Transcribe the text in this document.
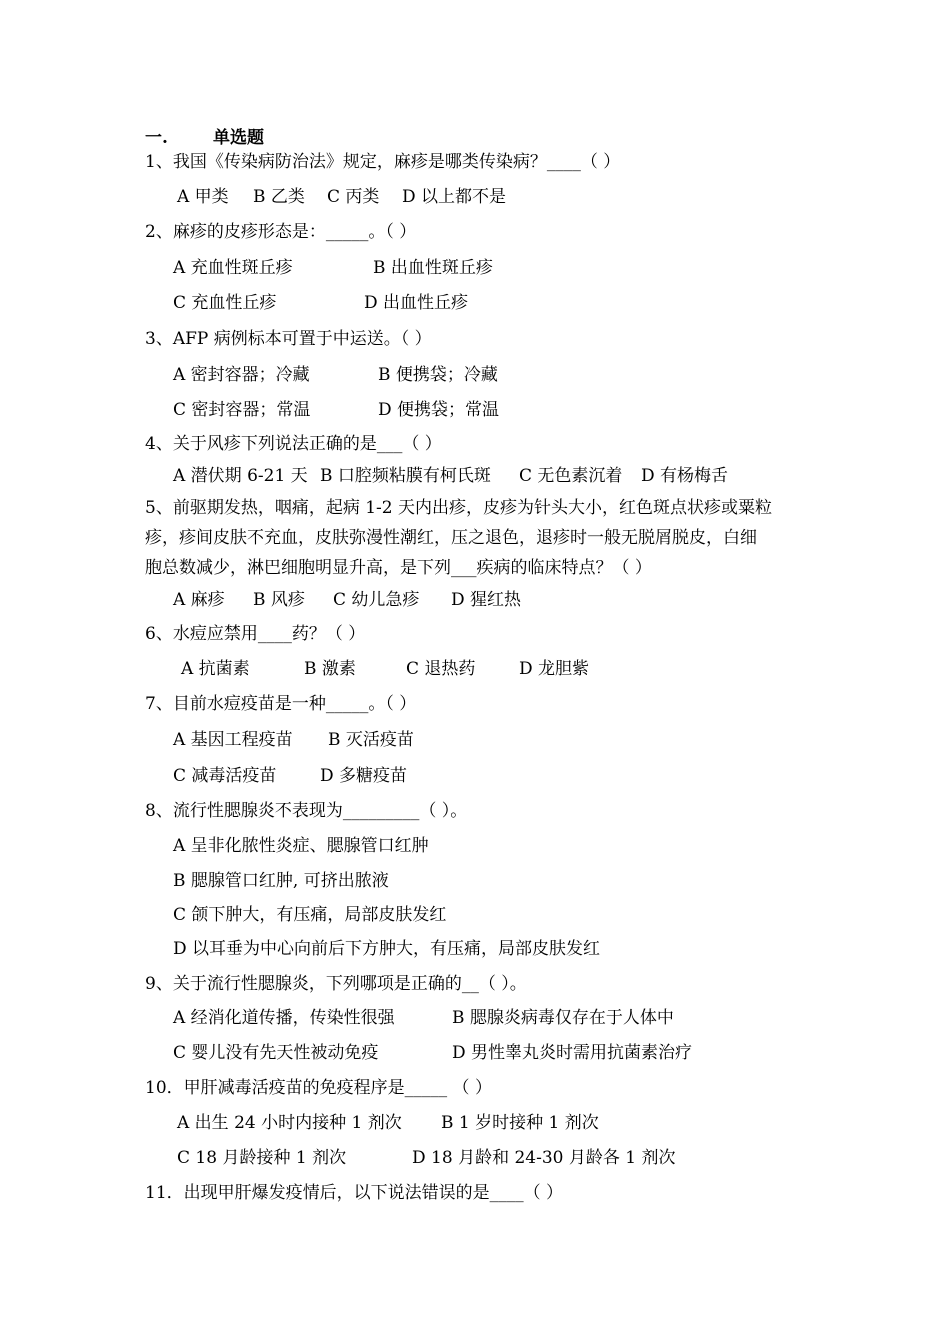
一.	单选题
1、我国《传染病防治法》规定，麻疹是哪类传染病？____（ ）
A 甲类 B 乙类 C 丙类 D 以上都不是
2、麻疹的皮疹形态是：_____。（ ）
A 充血性斑丘疹	B 出血性斑丘疹
C 充血性丘疹	D 出血性丘疹
3、AFP 病例标本可置于中运送。（ ）
A 密封容器；冷藏	B 便携袋；冷藏
C 密封容器；常温	D 便携袋；常温
4、关于风疹下列说法正确的是___（ ）
A 潜伏期 6-21 天 B 口腔频粘膜有柯氏斑 C 无色素沉着 D 有杨梅舌
5、前驱期发热，咽痛，起病 1-2 天内出疹，皮疹为针头大小，红色斑点状疹或粟粒
疹，疹间皮肤不充血，皮肤弥漫性潮红，压之退色，退疹时一般无脱屑脱皮，白细
胞总数减少，淋巴细胞明显升高，是下列___疾病的临床特点？（ ）
A 麻疹 B 风疹 C 幼儿急疹 D 猩红热
6、水痘应禁用____药？（ ）
A 抗菌素	B 激素	C 退热药	D 龙胆紫
7、目前水痘疫苗是一种_____。（ ）
A 基因工程疫苗 B 灭活疫苗
C 减毒活疫苗	D 多糖疫苗
8、流行性腮腺炎不表现为_________（ ）。
A 呈非化脓性炎症、腮腺管口红肿
B 腮腺管口红肿, 可挤出脓液
C 颌下肿大，有压痛，局部皮肤发红
D 以耳垂为中心向前后下方肿大，有压痛，局部皮肤发红
9、关于流行性腮腺炎，下列哪项是正确的__（ ）。
A 经消化道传播，传染性很强	B 腮腺炎病毒仅存在于人体中
C 婴儿没有先天性被动免疫	D 男性睾丸炎时需用抗菌素治疗
10．甲肝减毒活疫苗的免疫程序是_____ （ ）
A 出生 24 小时内接种 1 剂次 B 1 岁时接种 1 剂次
C 18 月龄接种 1 剂次	D 18 月龄和 24-30 月龄各 1 剂次
11．出现甲肝爆发疫情后，以下说法错误的是____（ ）
